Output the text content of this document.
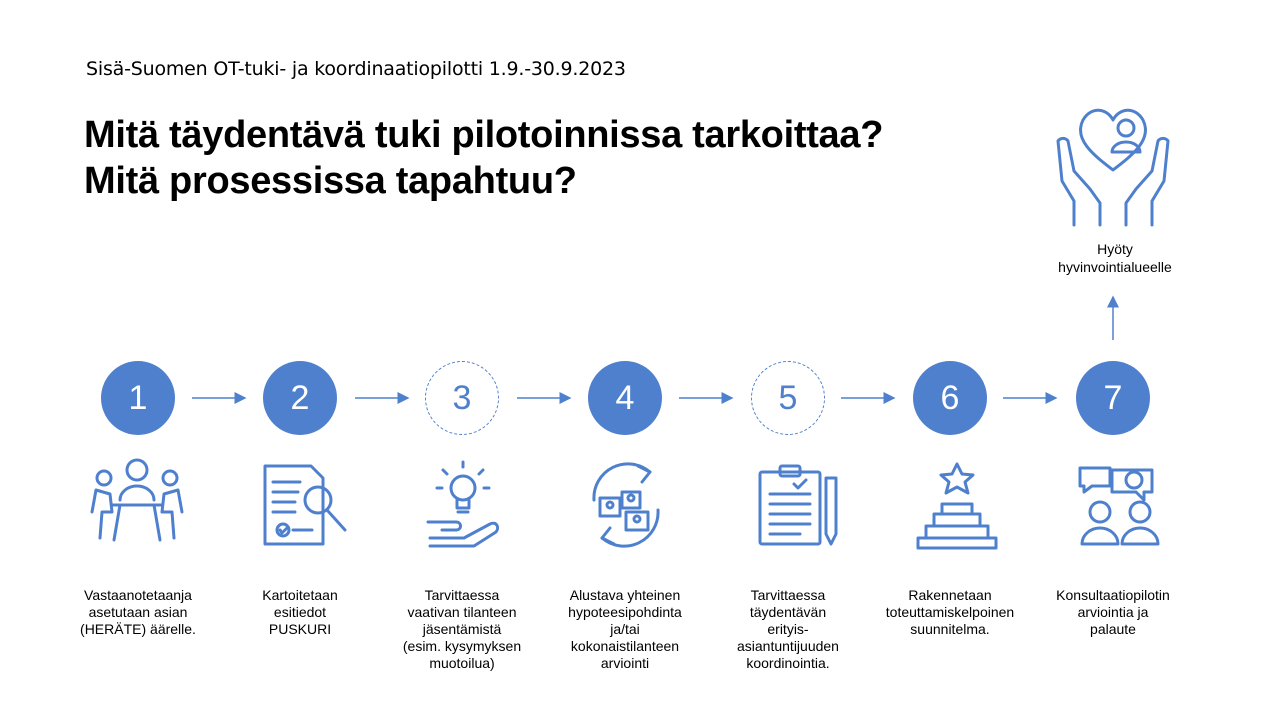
Sisä-Suomen OT-tuki- ja koordinaatiopilotti 1.9.-30.9.2023
Mitä täydentävä tuki pilotoinnissa tarkoittaa?
Mitä prosessissa tapahtuu?
1	2	3	4	5	6	7
Hyöty
hyvinvointialueelle
Vastaanotetaanja
asetutaan asian
(HERÄTE) äärelle.
Kartoitetaan
esitiedot
PUSKURI
Tarvittaessa
vaativan tilanteen
jäsentämistä
(esim. kysymyksen
muotoilua)
Alustava yhteinen
hypoteesipohdinta
ja/tai
kokonaistilanteen
arviointi
Tarvittaessa
täydentävän
erityis-
asiantuntijuuden
koordinointia.
Rakennetaan
toteuttamiskelpoinen
suunnitelma.
Konsultaatiopilotin
arviointia ja
palaute
